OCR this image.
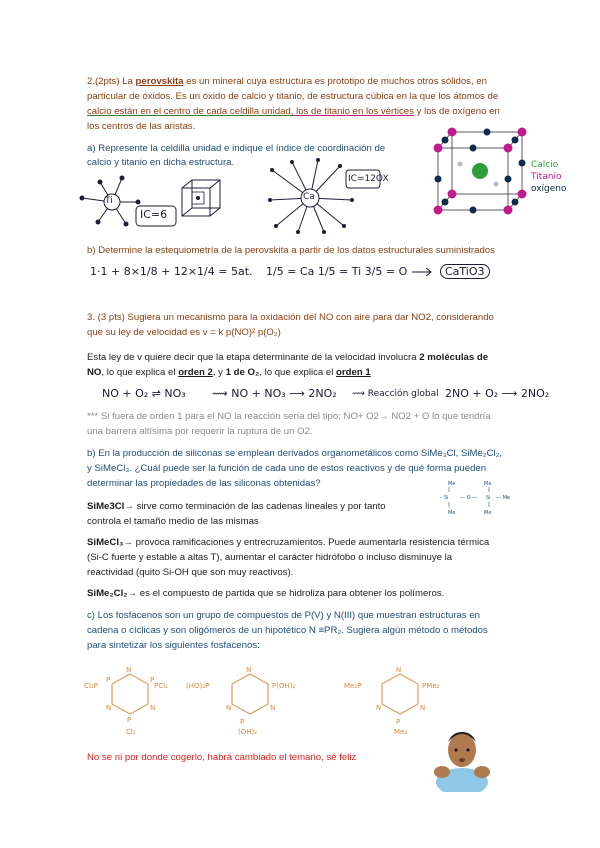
2.(2pts) La perovskita es un mineral cuya estructura es prototipo de muchos otros sólidos, en

particular de óxidos. Es un óxido de calcio y titanio, de estructura cúbica en la que los átomos de

calcio están en el centro de cada celdilla unidad, los de titanio en los vértices y los de oxígeno en

los centros de las aristas.

a) Represente la celdilla unidad e indique el índice de coordinación de

calcio y titanio en dicha estructura.

Ti
IC=6
Ca
IC=12OX
Calcio
Titanio
oxígeno

b) Determine la estequiometría de la perovskita a partir de los datos estructurales suministrados

1·1 + 8×1/8 + 12×1/4 = 5at. 1/5 = Ca 1/5 = Ti 3/5 = O	CaTiO3

3. (3 pts) Sugiera un mecanismo para la oxidación del NO con aire para dar NO2, considerando

que su ley de velocidad es v = k p(NO)² p(O₂)

Esta ley de v quiere decir que la etapa determinante de la velocidad involucra 2 moléculas de

NO, lo que explica el orden 2, y 1 de O₂, lo que explica el orden 1

NO + O₂ ⇌ NO₃ ⟿ NO + NO₃ ⟶ 2NO₂ ⟿ Reacción global 2NO + O₂ ⟶ 2NO₂

*** Si fuera de orden 1 para el NO la reacción sería del tipo: NO+ O2→ NO2 + O lo que tendría

una barrera altísima por requerir la ruptura de un O2.

b) En la producción de siliconas se emplean derivados organometálicos como SiMe₃Cl, SiMe₂Cl₂,

y SiMeCl₃. ¿Cuál puede ser la función de cada uno de estos reactivos y de qué forma pueden

determinar las propiedades de las siliconas obtenidas?	Me
Me
- Si — O — Si — Me
Me
Me

SiMe3Cl→ sirve como terminación de las cadenas lineales y por tanto

controla el tamaño medio de las mismas

SiMeCl₃→ provoca ramificaciones y entrecruzamientos. Puede aumentarla resistencia térmica

(Si-C fuerte y estable a altas T), aumentar el carácter hidrófobo o incluso disminuye la

reactividad (quito Si-OH que son muy reactivos).

SiMe₂Cl₂→ es el compuesto de partida que se hidroliza para obtener los polímeros.

c) Los fosfacenos son un grupo de compuestos de P(V) y N(III) que muestran estructuras en

cadena o cíclicas y son oligómeros de un hipotético N ≡PR₂. Sugiera algún método o métodos

para sintetizar los siguientes fosfacenos:

N
P	P
N	N
P
Cl₂P	PCl₂
Cl₂
N
N	N
(HO)₂P	P(OH)₂
P
(OH)₂
N
N	N
Me₂P	PMe₂
P
Me₂

No se ni por donde cogerlo, habrá cambiado el temario, sé feliz
